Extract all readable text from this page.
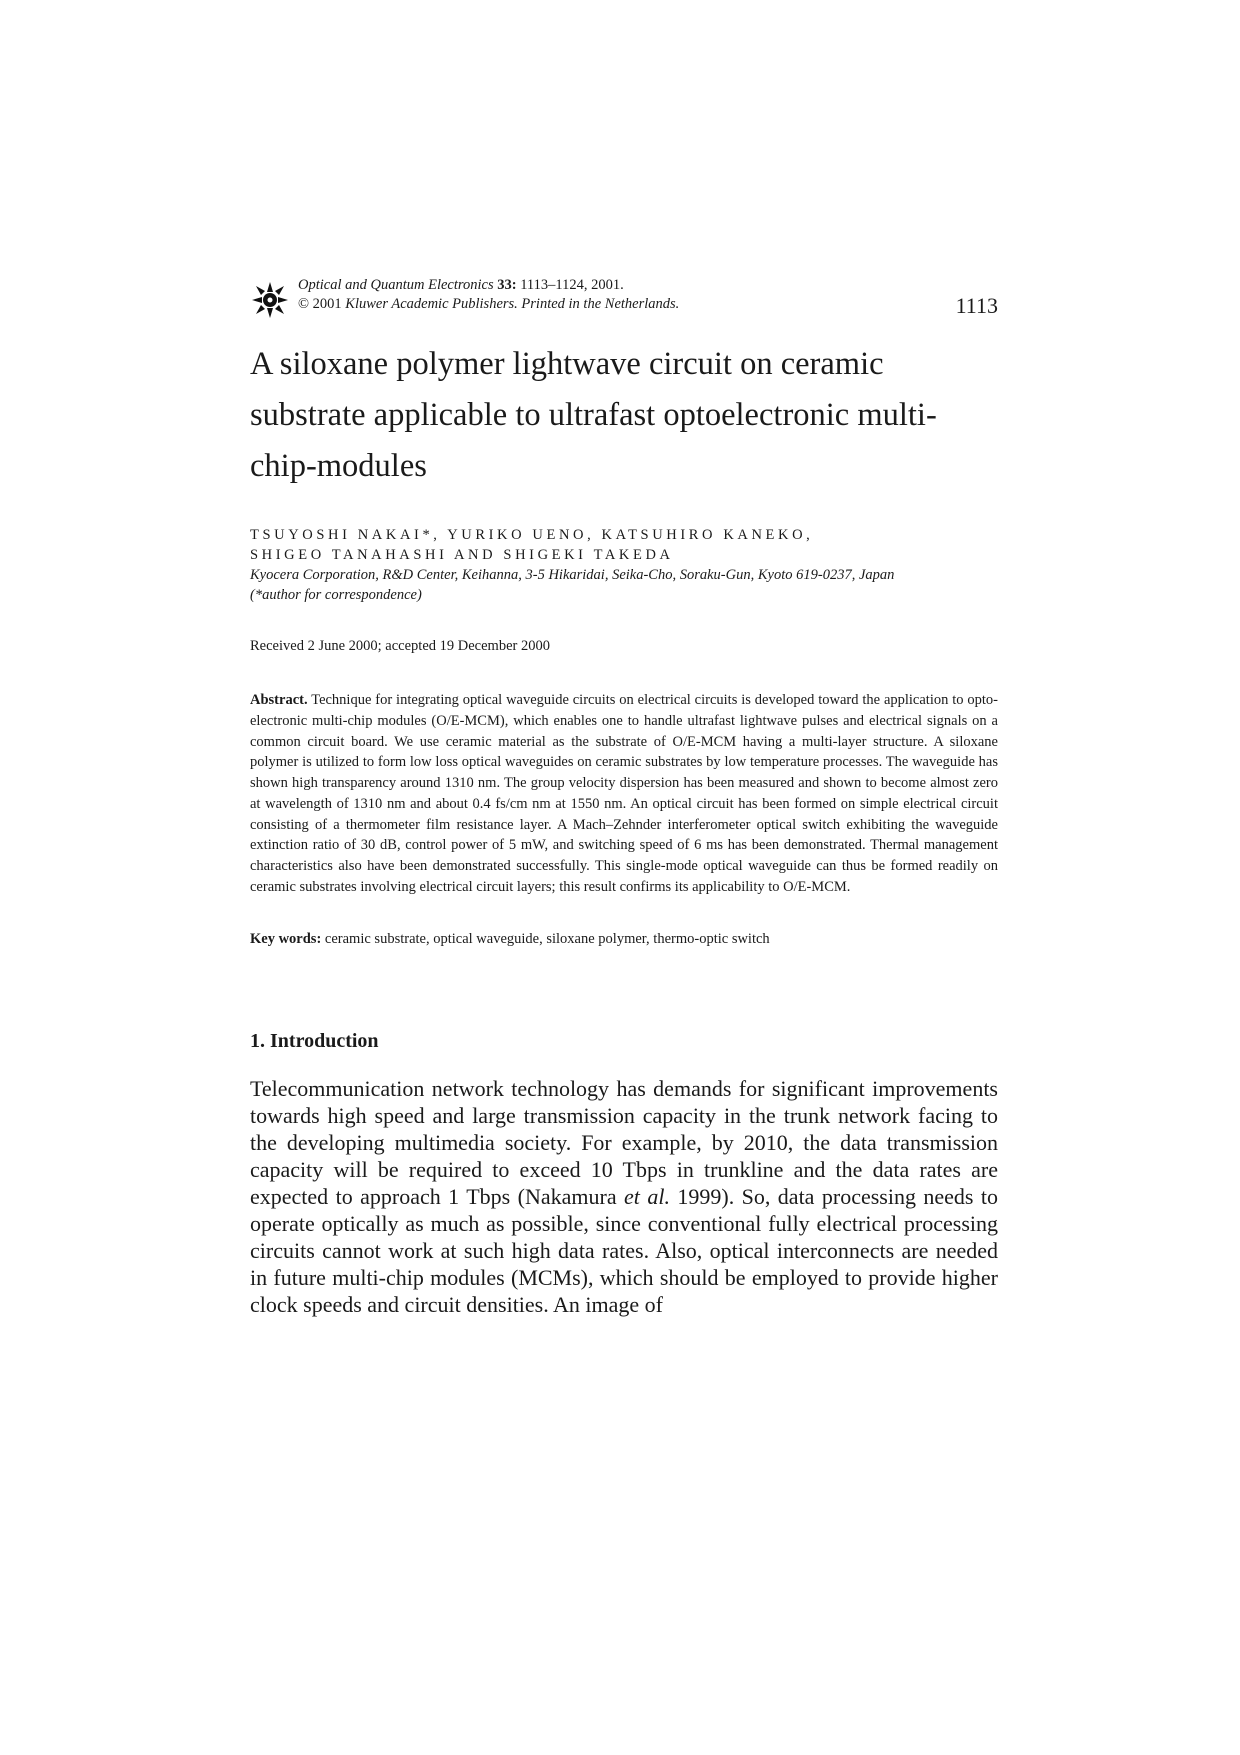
Optical and Quantum Electronics 33: 1113–1124, 2001.
© 2001 Kluwer Academic Publishers. Printed in the Netherlands.	1113
A siloxane polymer lightwave circuit on ceramic substrate applicable to ultrafast optoelectronic multi-chip-modules
TSUYOSHI NAKAI*, YURIKO UENO, KATSUHIRO KANEKO,
SHIGEO TANAHASHI AND SHIGEKI TAKEDA
Kyocera Corporation, R&D Center, Keihanna, 3-5 Hikaridai, Seika-Cho, Soraku-Gun, Kyoto 619-0237, Japan
(*author for correspondence)
Received 2 June 2000; accepted 19 December 2000
Abstract. Technique for integrating optical waveguide circuits on electrical circuits is developed toward the application to opto-electronic multi-chip modules (O/E-MCM), which enables one to handle ultrafast lightwave pulses and electrical signals on a common circuit board. We use ceramic material as the substrate of O/E-MCM having a multi-layer structure. A siloxane polymer is utilized to form low loss optical waveguides on ceramic substrates by low temperature processes. The waveguide has shown high transparency around 1310 nm. The group velocity dispersion has been measured and shown to become almost zero at wavelength of 1310 nm and about 0.4 fs/cm nm at 1550 nm. An optical circuit has been formed on simple electrical circuit consisting of a thermometer film resistance layer. A Mach–Zehnder interferometer optical switch exhibiting the waveguide extinction ratio of 30 dB, control power of 5 mW, and switching speed of 6 ms has been demonstrated. Thermal management characteristics also have been demonstrated successfully. This single-mode optical waveguide can thus be formed readily on ceramic substrates involving electrical circuit layers; this result confirms its applicability to O/E-MCM.
Key words: ceramic substrate, optical waveguide, siloxane polymer, thermo-optic switch
1. Introduction
Telecommunication network technology has demands for significant improvements towards high speed and large transmission capacity in the trunk network facing to the developing multimedia society. For example, by 2010, the data transmission capacity will be required to exceed 10 Tbps in trunkline and the data rates are expected to approach 1 Tbps (Nakamura et al. 1999). So, data processing needs to operate optically as much as possible, since conventional fully electrical processing circuits cannot work at such high data rates. Also, optical interconnects are needed in future multi-chip modules (MCMs), which should be employed to provide higher clock speeds and circuit densities. An image of
